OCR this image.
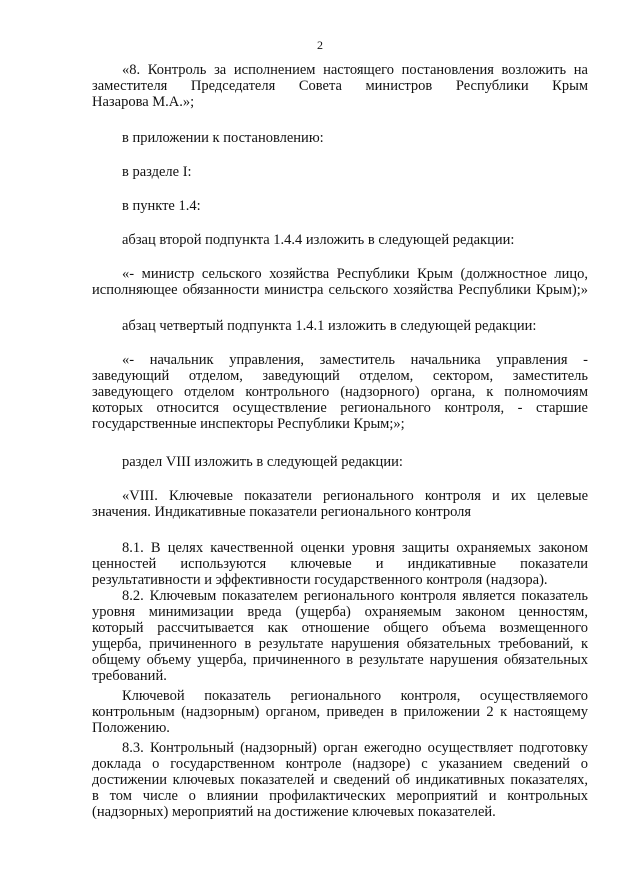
2
«8. Контроль за исполнением настоящего постановления возложить на
заместителя Председателя Совета министров Республики Крым
Назарова М.А.»;
в приложении к постановлению:
в разделе I:
в пункте 1.4:
абзац второй подпункта 1.4.4 изложить в следующей редакции:
«- министр сельского хозяйства Республики Крым (должностное лицо,
исполняющее обязанности министра сельского хозяйства Республики Крым);»
абзац четвертый подпункта 1.4.1 изложить в следующей редакции:
«- начальник управления, заместитель начальника управления -
заведующий отделом, заведующий отделом, сектором, заместитель
заведующего отделом контрольного (надзорного) органа, к полномочиям
которых относится осуществление регионального контроля, - старшие
государственные инспекторы Республики Крым;»;
раздел VIII изложить в следующей редакции:
«VIII. Ключевые показатели регионального контроля и их целевые
значения. Индикативные показатели регионального контроля
8.1. В целях качественной оценки уровня защиты охраняемых законом
ценностей используются ключевые и индикативные показатели
результативности и эффективности государственного контроля (надзора).
8.2. Ключевым показателем регионального контроля является показатель
уровня минимизации вреда (ущерба) охраняемым законом ценностям,
который рассчитывается как отношение общего объема возмещенного
ущерба, причиненного в результате нарушения обязательных требований, к
общему объему ущерба, причиненного в результате нарушения обязательных
требований.
Ключевой показатель регионального контроля, осуществляемого
контрольным (надзорным) органом, приведен в приложении 2 к настоящему
Положению.
8.3. Контрольный (надзорный) орган ежегодно осуществляет подготовку
доклада о государственном контроле (надзоре) с указанием сведений о
достижении ключевых показателей и сведений об индикативных показателях,
в том числе о влиянии профилактических мероприятий и контрольных
(надзорных) мероприятий на достижение ключевых показателей.
